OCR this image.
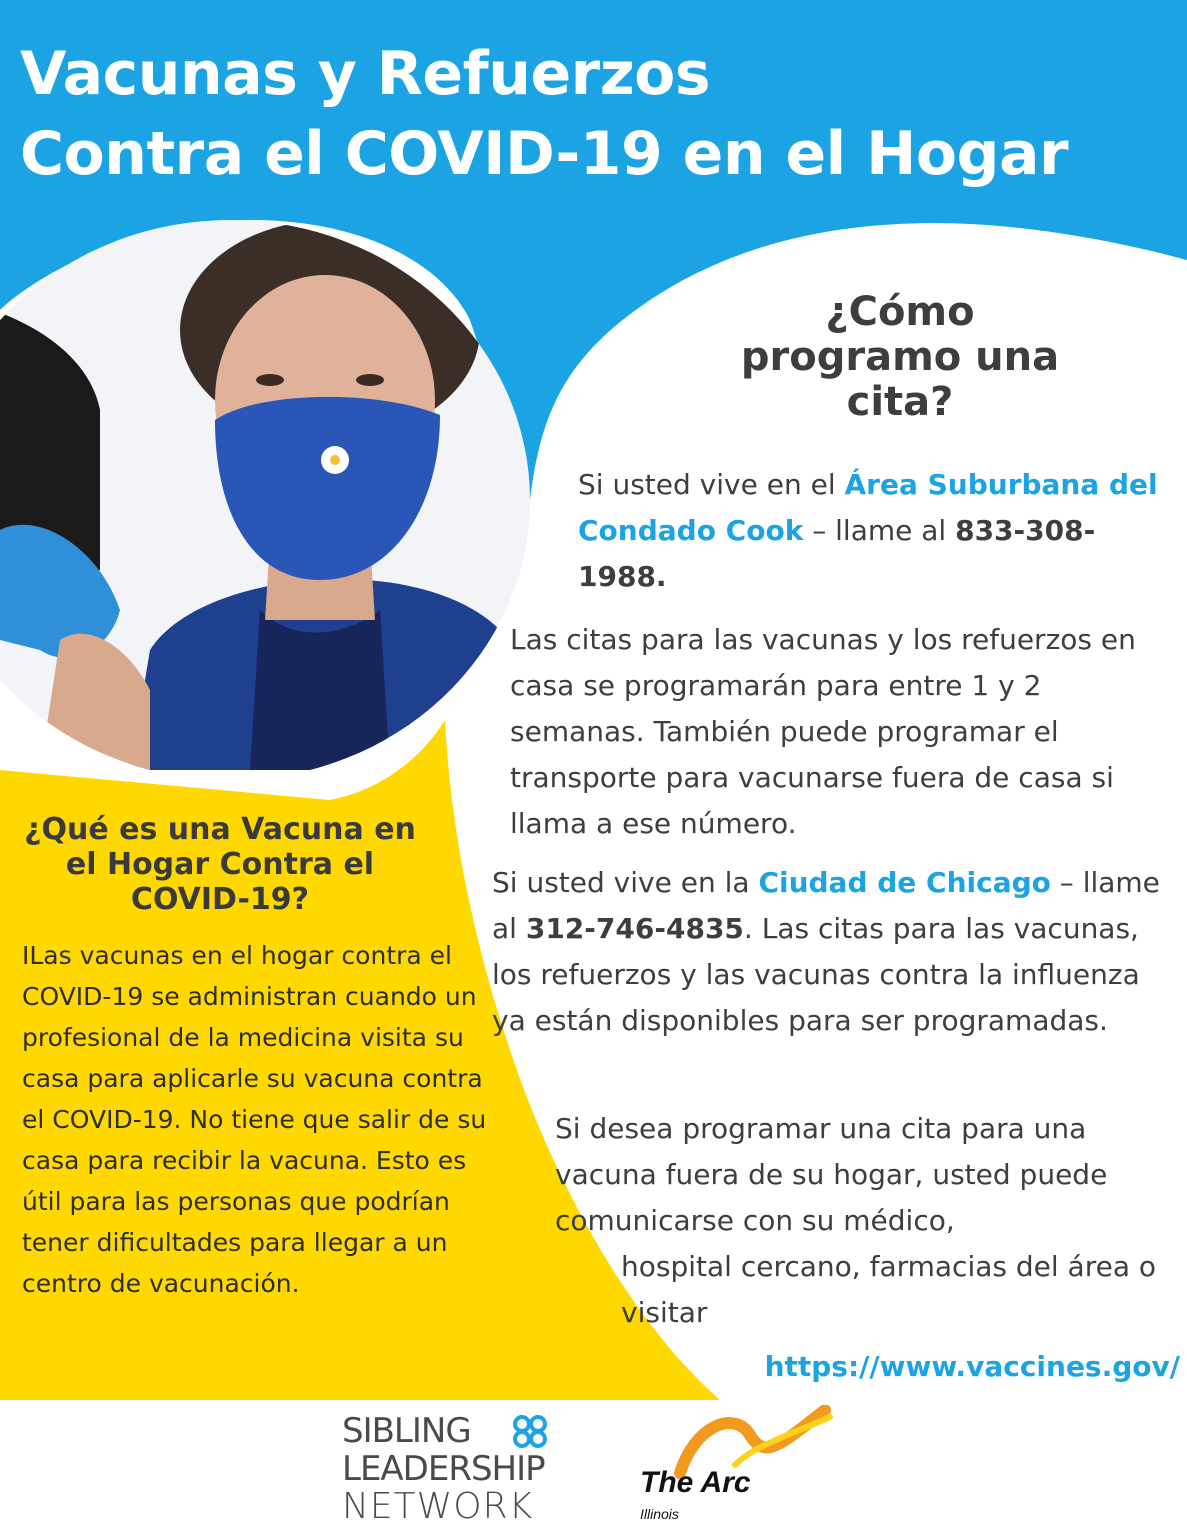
Vacunas y Refuerzos
Contra el COVID-19 en el Hogar
¿Cómo programo una cita?
Si usted vive en el Área Suburbana del Condado Cook – llame al 833-308-1988.
Las citas para las vacunas y los refuerzos en casa se programarán para entre 1 y 2 semanas. También puede programar el transporte para vacunarse fuera de casa si llama a ese número.
Si usted vive en la Ciudad de Chicago – llame al 312-746-4835. Las citas para las vacunas, los refuerzos y las vacunas contra la influenza ya están disponibles para ser programadas.
Si desea programar una cita para una vacuna fuera de su hogar, usted puede comunicarse con su médico,
hospital cercano, farmacias del área o visitar
https://www.vaccines.gov/
¿Qué es una Vacuna en el Hogar Contra el COVID-19?
ILas vacunas en el hogar contra el COVID-19 se administran cuando un profesional de la medicina visita su casa para aplicarle su vacuna contra el COVID-19. No tiene que salir de su casa para recibir la vacuna. Esto es útil para las personas que podrían tener dificultades para llegar a un centro de vacunación.
SIBLING
LEADERSHIP
NETWORK
The Arc
Illinois
